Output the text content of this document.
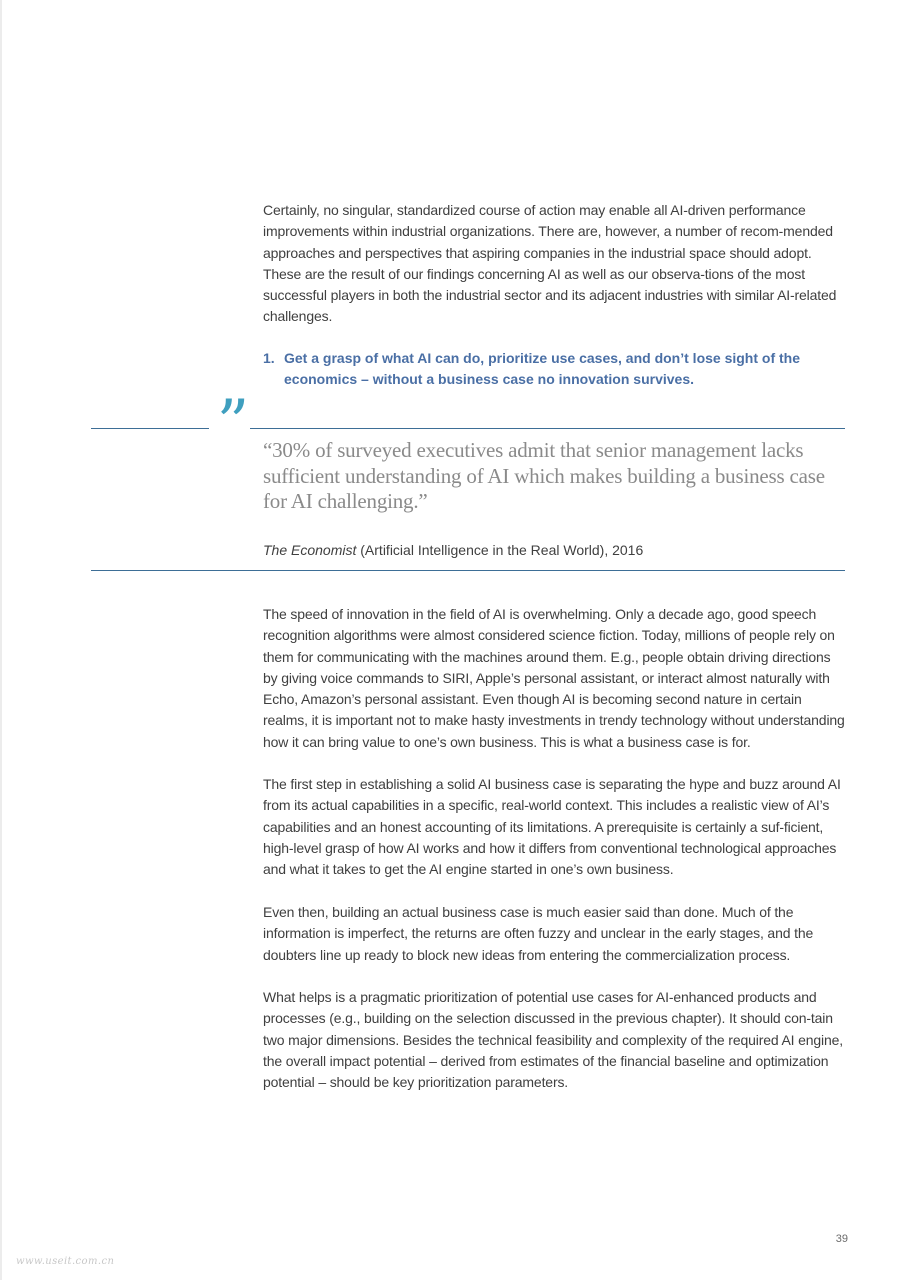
Certainly, no singular, standardized course of action may enable all AI-driven performance improvements within industrial organizations. There are, however, a number of recom-mended approaches and perspectives that aspiring companies in the industrial space should adopt. These are the result of our findings concerning AI as well as our observa-tions of the most successful players in both the industrial sector and its adjacent industries with similar AI-related challenges.

1. Get a grasp of what AI can do, prioritize use cases, and don’t lose sight of the economics – without a business case no innovation survives.
” “30% of surveyed executives admit that senior management lacks sufficient understanding of AI which makes building a business case for AI challenging.”

The Economist (Artificial Intelligence in the Real World), 2016

The speed of innovation in the field of AI is overwhelming. Only a decade ago, good speech recognition algorithms were almost considered science fiction. Today, millions of people rely on them for communicating with the machines around them. E.g., people obtain driving directions by giving voice commands to SIRI, Apple’s personal assistant, or interact almost naturally with Echo, Amazon’s personal assistant. Even though AI is becoming second nature in certain realms, it is important not to make hasty investments in trendy technology without understanding how it can bring value to one’s own business. This is what a business case is for.

The first step in establishing a solid AI business case is separating the hype and buzz around AI from its actual capabilities in a specific, real-world context. This includes a realistic view of AI’s capabilities and an honest accounting of its limitations. A prerequisite is certainly a suf-ficient, high-level grasp of how AI works and how it differs from conventional technological approaches and what it takes to get the AI engine started in one’s own business.

Even then, building an actual business case is much easier said than done. Much of the information is imperfect, the returns are often fuzzy and unclear in the early stages, and the doubters line up ready to block new ideas from entering the commercialization process.

What helps is a pragmatic prioritization of potential use cases for AI-enhanced products and processes (e.g., building on the selection discussed in the previous chapter). It should con-tain two major dimensions. Besides the technical feasibility and complexity of the required AI engine, the overall impact potential – derived from estimates of the financial baseline and optimization potential – should be key prioritization parameters.

39
www.useit.com.cn
